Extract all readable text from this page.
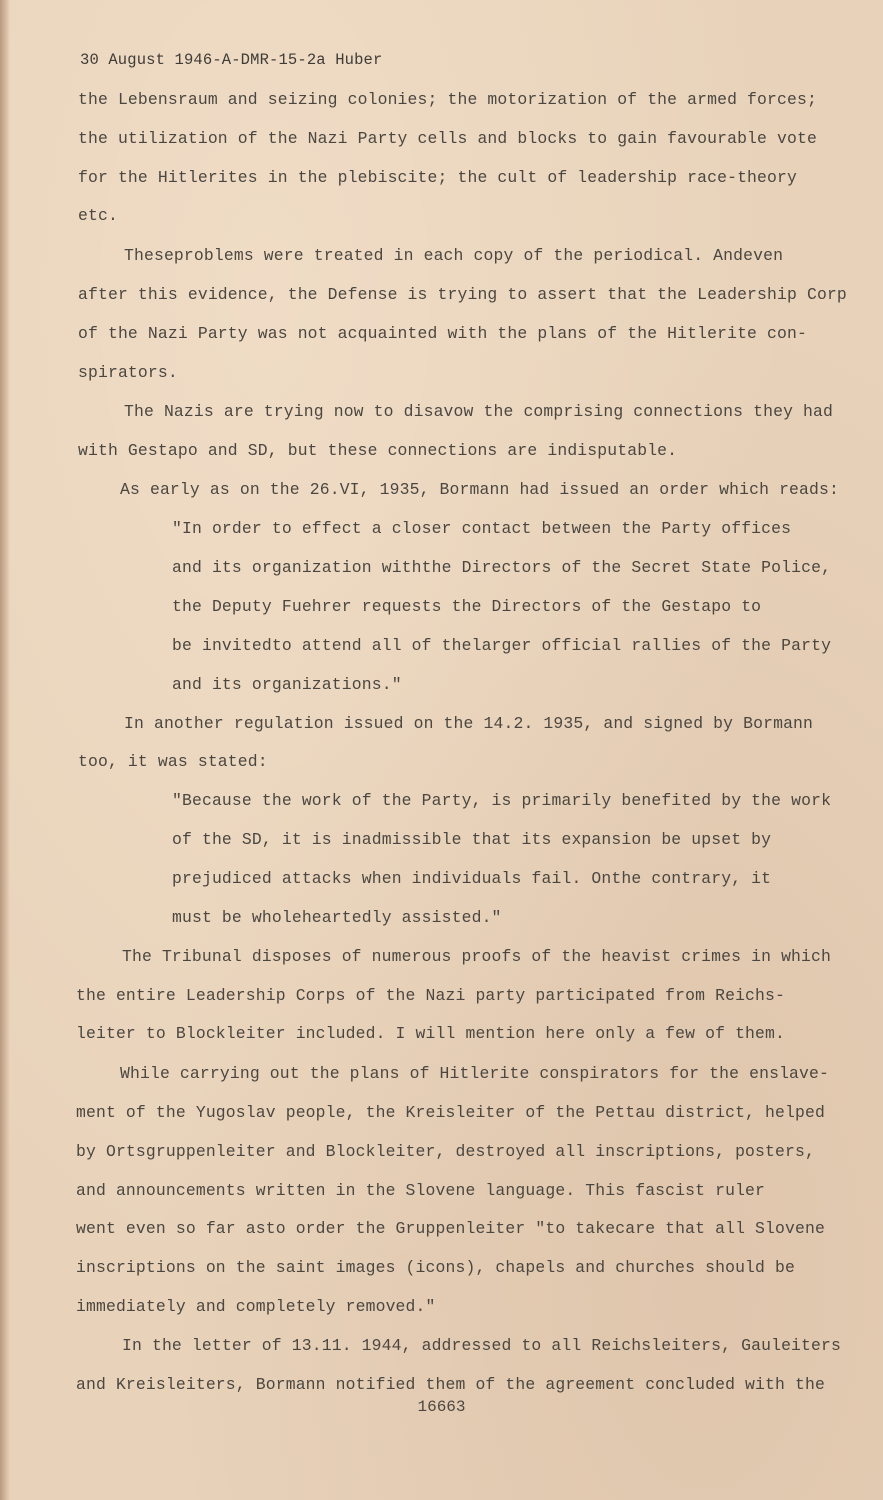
30 August 1946-A-DMR-15-2a Huber
the Lebensraum and seizing colonies; the motorization of the armed forces;
the utilization of the Nazi Party cells and blocks to gain favourable vote
for the Hitlerites in the plebiscite; the cult of leadership race-theory
etc.
Theseproblems were treated in each copy of the periodical. Andeven
after this evidence, the Defense is trying to assert that the Leadership Corp
of the Nazi Party was not acquainted with the plans of the Hitlerite con-
spirators.
The Nazis are trying now to disavow the comprising connections they had
with Gestapo and SD, but these connections are indisputable.
As early as on the 26.VI, 1935, Bormann had issued an order which reads:
"In order to effect a closer contact between the Party offices
and its organization withthe Directors of the Secret State Police,
the Deputy Fuehrer requests the Directors of the Gestapo to
be invitedto attend all of thelarger official rallies of the Party
and its organizations."
In another regulation issued on the 14.2. 1935, and signed by Bormann
too, it was stated:
"Because the work of the Party, is primarily benefited by the work
of the SD, it is inadmissible that its expansion be upset by
prejudiced attacks when individuals fail. Onthe contrary, it
must be wholeheartedly assisted."
The Tribunal disposes of numerous proofs of the heavist crimes in which
the entire Leadership Corps of the Nazi party participated from Reichs-
leiter to Blockleiter included. I will mention here only a few of them.
While carrying out the plans of Hitlerite conspirators for the enslave-
ment of the Yugoslav people, the Kreisleiter of the Pettau district, helped
by Ortsgruppenleiter and Blockleiter, destroyed all inscriptions, posters,
and announcements written in the Slovene language. This fascist ruler
went even so far asto order the Gruppenleiter "to takecare that all Slovene
inscriptions on the saint images (icons), chapels and churches should be
immediately and completely removed."
In the letter of 13.11. 1944, addressed to all Reichsleiters, Gauleiters
and Kreisleiters, Bormann notified them of the agreement concluded with the
16663
